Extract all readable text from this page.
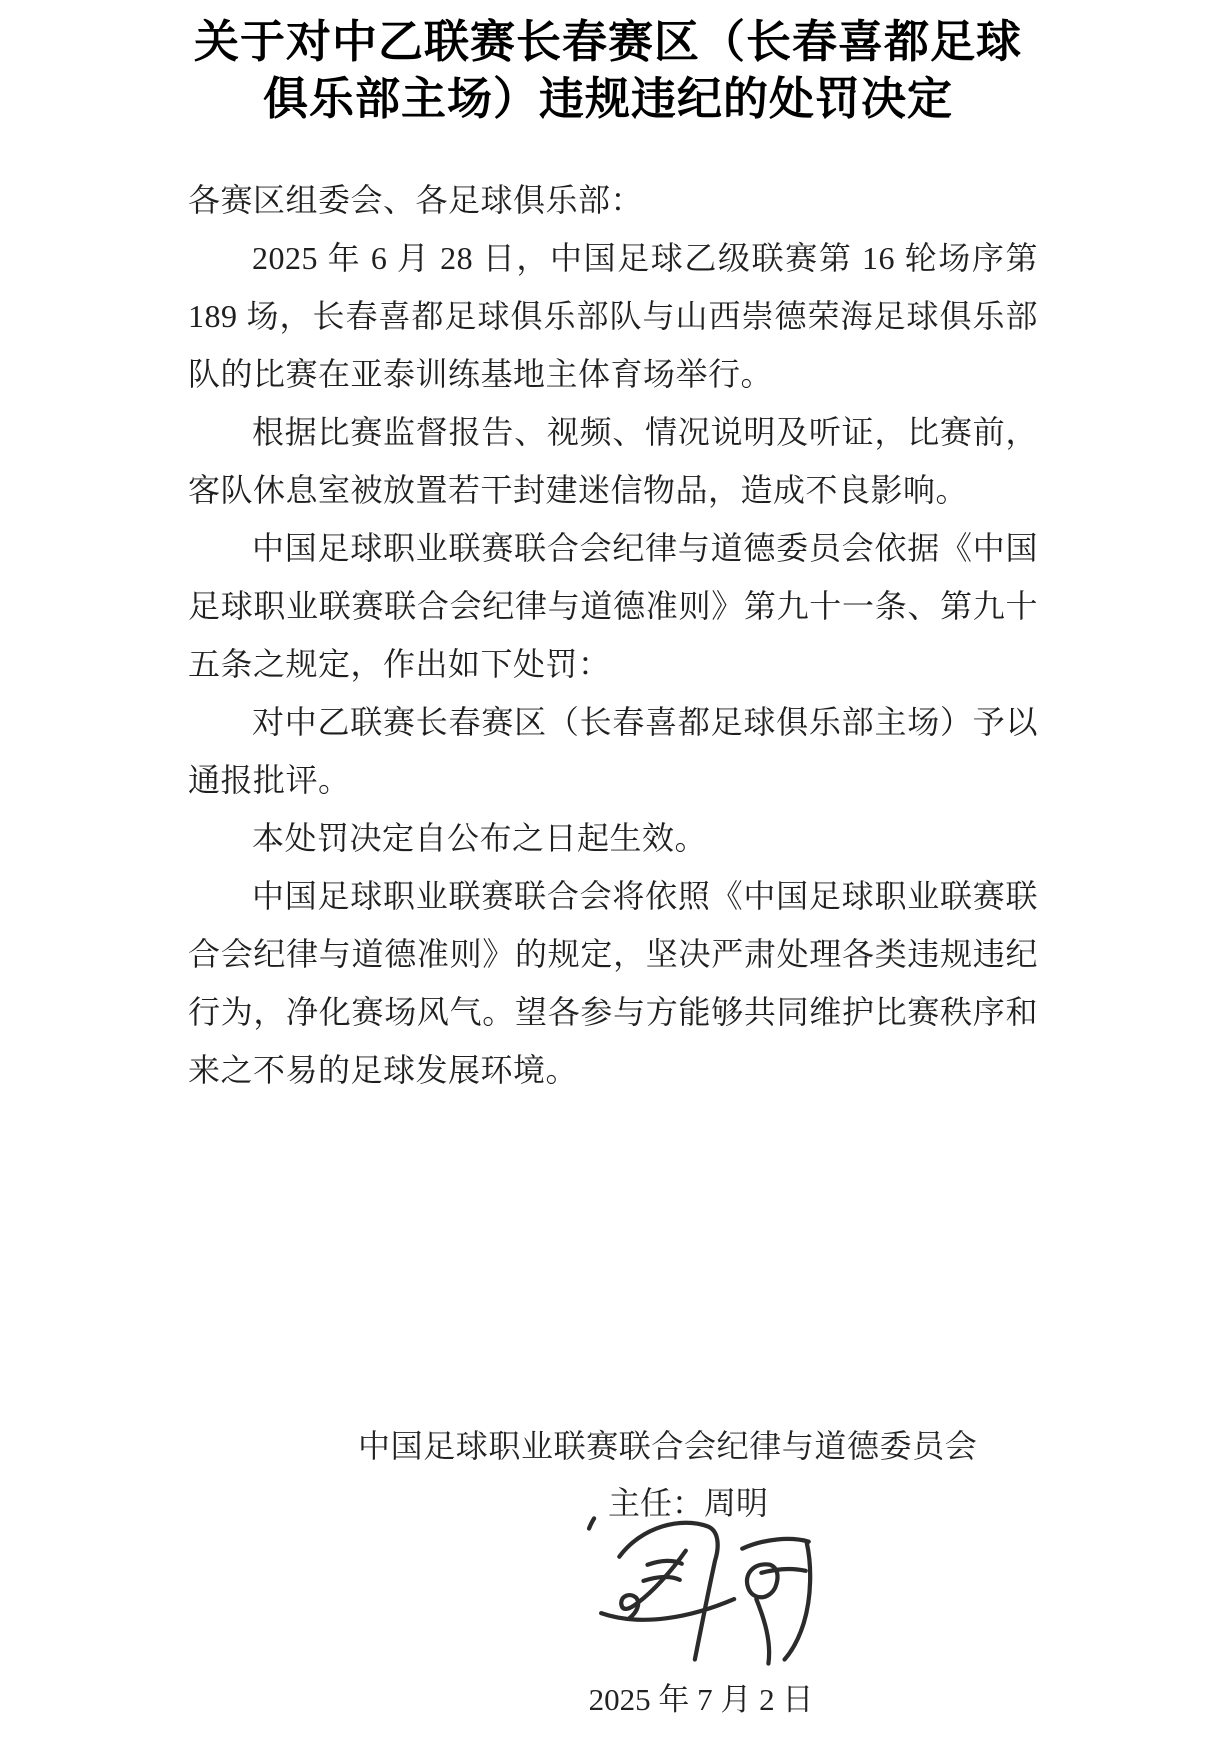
关于对中乙联赛长春赛区（长春喜都足球
俱乐部主场）违规违纪的处罚决定

各赛区组委会、各足球俱乐部：

2025 年 6 月 28 日，中国足球乙级联赛第 16 轮场序第 189 场，长春喜都足球俱乐部队与山西崇德荣海足球俱乐部队的比赛在亚泰训练基地主体育场举行。

根据比赛监督报告、视频、情况说明及听证，比赛前，客队休息室被放置若干封建迷信物品，造成不良影响。

中国足球职业联赛联合会纪律与道德委员会依据《中国足球职业联赛联合会纪律与道德准则》第九十一条、第九十五条之规定，作出如下处罚：

对中乙联赛长春赛区（长春喜都足球俱乐部主场）予以通报批评。

本处罚决定自公布之日起生效。

中国足球职业联赛联合会将依照《中国足球职业联赛联合会纪律与道德准则》的规定，坚决严肃处理各类违规违纪行为，净化赛场风气。望各参与方能够共同维护比赛秩序和来之不易的足球发展环境。

中国足球职业联赛联合会纪律与道德委员会
主任：周明
2025 年 7 月 2 日
